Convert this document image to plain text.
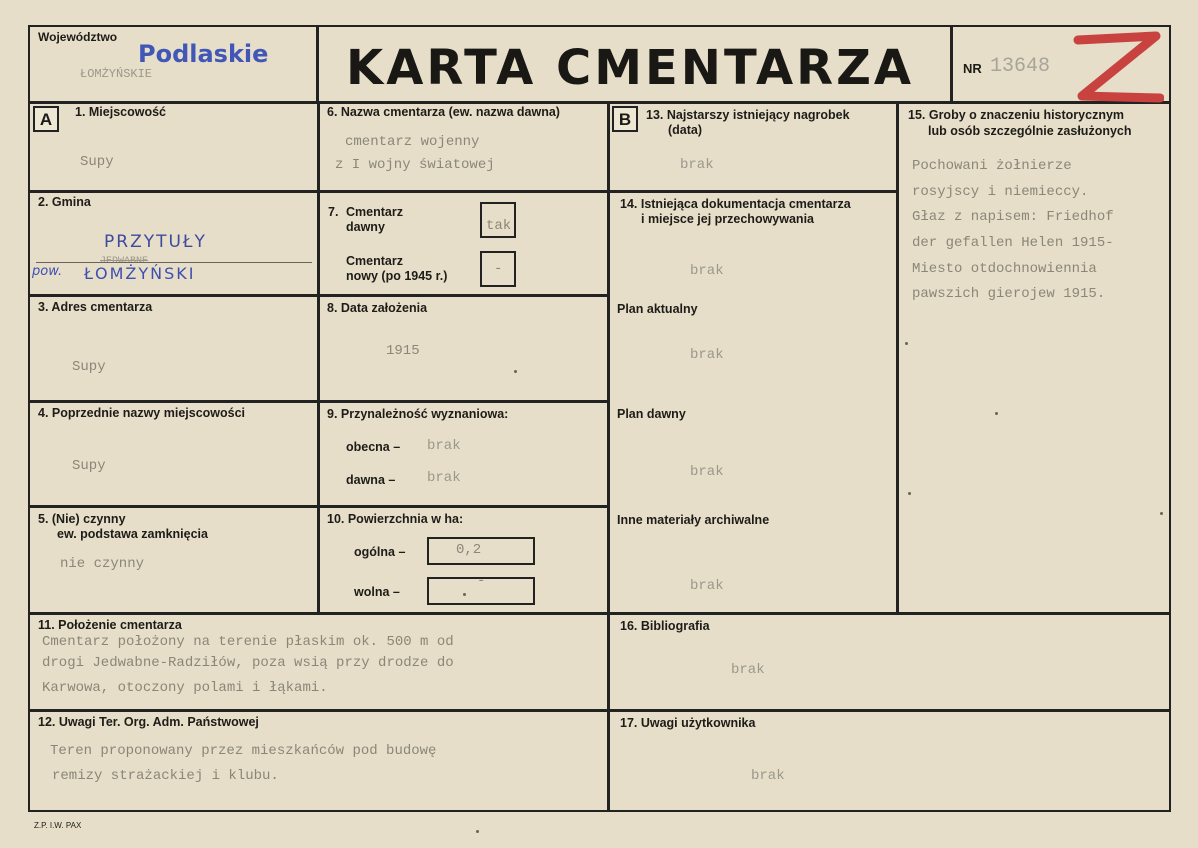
Województwo
Podlaskie
ŁOMŻYŃSKIE	KARTA CMENTARZA	NR 13648
A	B
1. Miejscowość
Supy
2. Gmina
PRZYTUŁY
pow. ŁOMŻYŃSKI
3. Adres cmentarza
Supy
4. Poprzednie nazwy miejscowości
Supy
5. (Nie) czynny
ew. podstawa zamknięcia
nie czynny
6. Nazwa cmentarza (ew. nazwa dawna)
cmentarz wojenny
z I wojny światowej
7. Cmentarz
dawny	tak
Cmentarz
nowy (po 1945 r.)	-
8. Data założenia
1915
9. Przynależność wyznaniowa:
obecna – brak
dawna – brak
10. Powierzchnia w ha:
ogólna –	0,2
wolna –
-
13. Najstarszy istniejący nagrobek
(data)
brak
14. Istniejąca dokumentacja cmentarza
i miejsce jej przechowywania
brak
Plan aktualny
brak
Plan dawny
brak
Inne materiały archiwalne
brak
15. Groby o znaczeniu historycznym
lub osób szczególnie zasłużonych
Pochowani żołnierze
rosyjscy i niemieccy.
Głaz z napisem: Friedhof
der gefallen Helen 1915-
Miesto otdochnowiennia
pawszich gierojew 1915.
11. Położenie cmentarza
Cmentarz położony na terenie płaskim ok. 500 m od
drogi Jedwabne-Radziłów, poza wsią przy drodze do
Karwowa, otoczony polami i łąkami.
16. Bibliografia
brak
12. Uwagi Ter. Org. Adm. Państwowej
Teren proponowany przez mieszkańców pod budowę
remizy strażackiej i klubu.
17. Uwagi użytkownika
brak
Z.P. I.W. PAX
